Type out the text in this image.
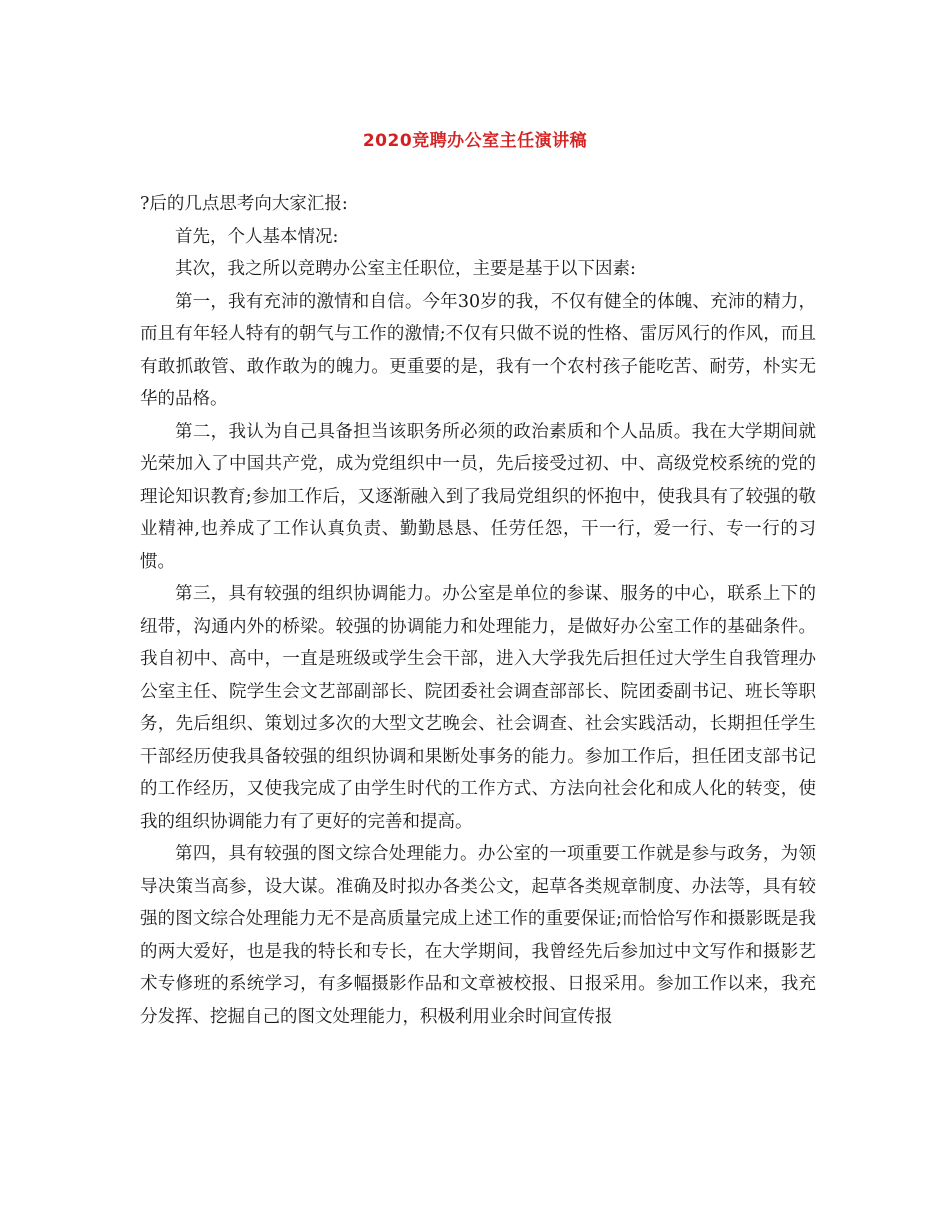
2020竞聘办公室主任演讲稿

?后的几点思考向大家汇报:

首先，个人基本情况:

其次，我之所以竞聘办公室主任职位，主要是基于以下因素:

第一，我有充沛的激情和自信。今年30岁的我，不仅有健全的体魄、充沛的精力，而且有年轻人特有的朝气与工作的激情;不仅有只做不说的性格、雷厉风行的作风，而且有敢抓敢管、敢作敢为的魄力。更重要的是，我有一个农村孩子能吃苦、耐劳，朴实无华的品格。

第二，我认为自己具备担当该职务所必须的政治素质和个人品质。我在大学期间就光荣加入了中国共产党，成为党组织中一员，先后接受过初、中、高级党校系统的党的理论知识教育;参加工作后，又逐渐融入到了我局党组织的怀抱中，使我具有了较强的敬业精神,也养成了工作认真负责、勤勤恳恳、任劳任怨，干一行，爱一行、专一行的习惯。

第三，具有较强的组织协调能力。办公室是单位的参谋、服务的中心，联系上下的纽带，沟通内外的桥梁。较强的协调能力和处理能力，是做好办公室工作的基础条件。我自初中、高中，一直是班级或学生会干部，进入大学我先后担任过大学生自我管理办公室主任、院学生会文艺部副部长、院团委社会调查部部长、院团委副书记、班长等职务，先后组织、策划过多次的大型文艺晚会、社会调查、社会实践活动，长期担任学生干部经历使我具备较强的组织协调和果断处事务的能力。参加工作后，担任团支部书记的工作经历，又使我完成了由学生时代的工作方式、方法向社会化和成人化的转变，使我的组织协调能力有了更好的完善和提高。

第四，具有较强的图文综合处理能力。办公室的一项重要工作就是参与政务，为领导决策当高参，设大谋。准确及时拟办各类公文，起草各类规章制度、办法等，具有较强的图文综合处理能力无不是高质量完成上述工作的重要保证;而恰恰写作和摄影既是我的两大爱好，也是我的特长和专长，在大学期间，我曾经先后参加过中文写作和摄影艺术专修班的系统学习，有多幅摄影作品和文章被校报、日报采用。参加工作以来，我充分发挥、挖掘自己的图文处理能力，积极利用业余时间宣传报
